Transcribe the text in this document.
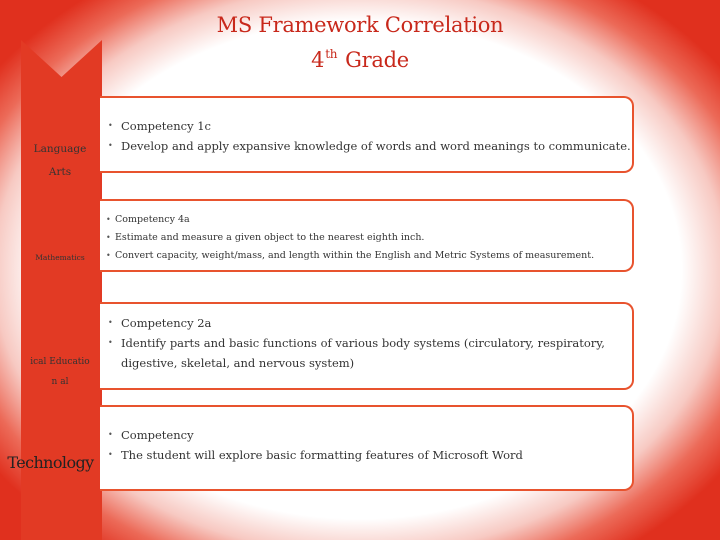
MS Framework Correlation
4th Grade
Language Arts
Mathematics
ical Educatio
n al
Technology
• Competency 1c
• Develop and apply expansive knowledge of words and word meanings to communicate.
• Competency 4a
• Estimate and measure a given object to the nearest eighth inch.
• Convert capacity, weight/mass, and length within the English and Metric Systems of measurement.
• Competency 2a
• Identify parts and basic functions of various body systems (circulatory, respiratory, digestive, skeletal, and nervous system)
• Competency
• The student will explore basic formatting features of Microsoft Word
